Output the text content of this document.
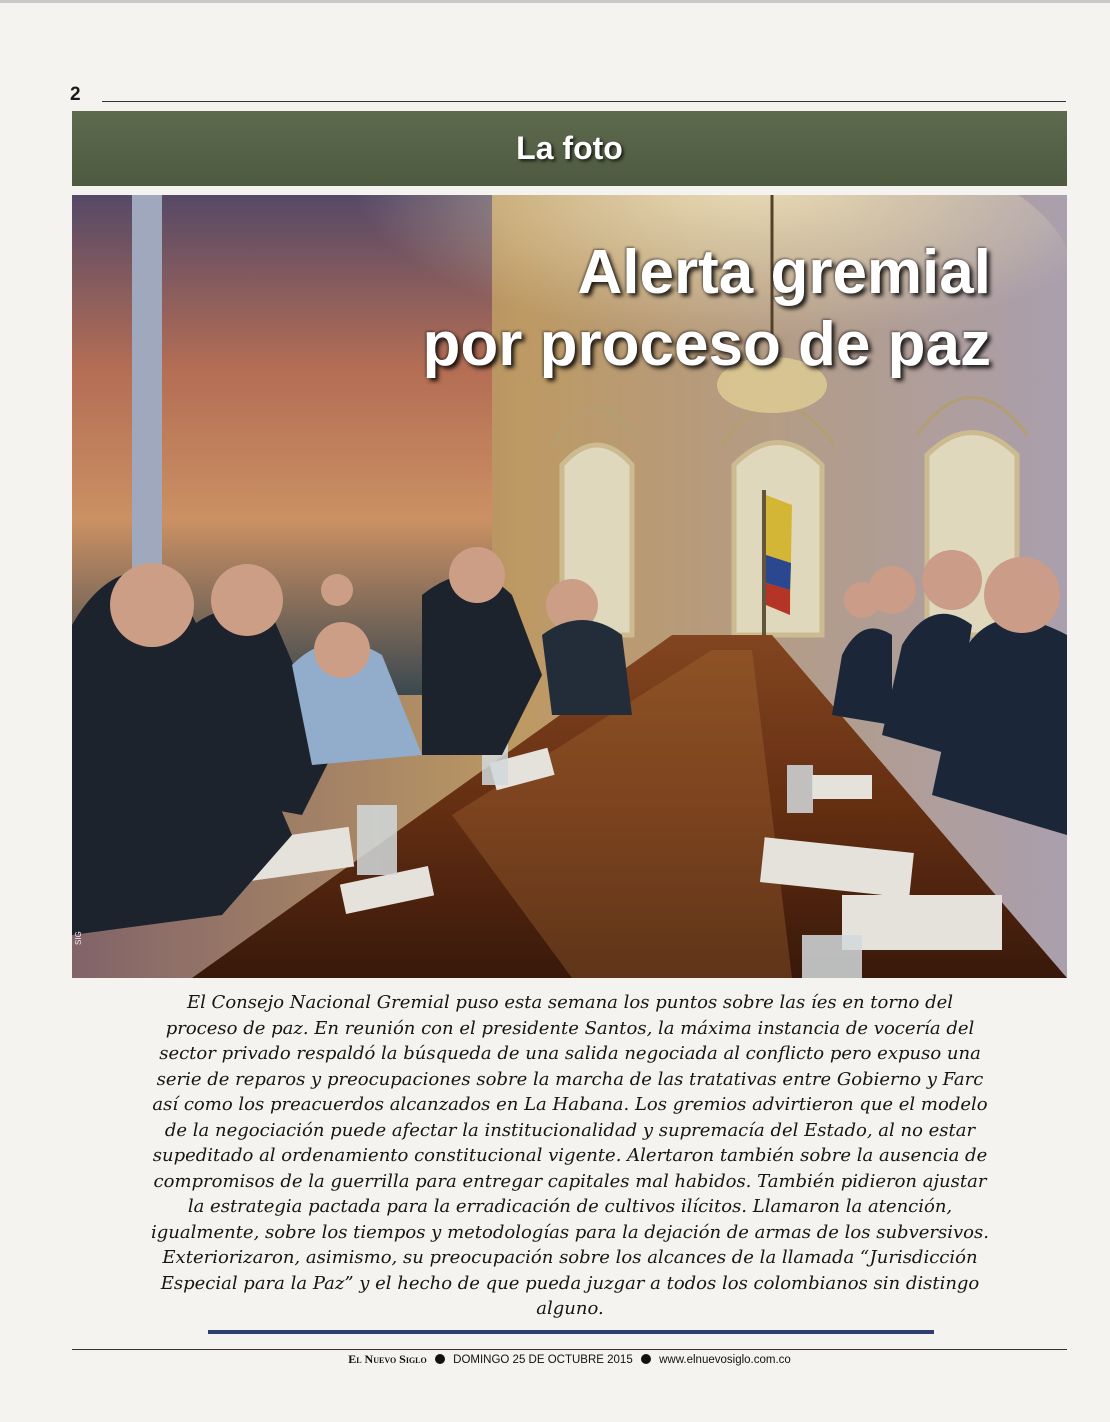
2
La foto
Alerta gremial
por proceso de paz
SIG

El Consejo Nacional Gremial puso esta semana los puntos sobre las íes en torno del proceso de paz. En reunión con el presidente Santos, la máxima instancia de vocería del sector privado respaldó la búsqueda de una salida negociada al conflicto pero expuso una serie de reparos y preocupaciones sobre la marcha de las tratativas entre Gobierno y Farc así como los preacuerdos alcanzados en La Habana. Los gremios advirtieron que el modelo de la negociación puede afectar la institucionalidad y supremacía del Estado, al no estar supeditado al ordenamiento constitucional vigente. Alertaron también sobre la ausencia de compromisos de la guerrilla para entregar capitales mal habidos. También pidieron ajustar la estrategia pactada para la erradicación de cultivos ilícitos. Llamaron la atención, igualmente, sobre los tiempos y metodologías para la dejación de armas de los subversivos. Exteriorizaron, asimismo, su preocupación sobre los alcances de la llamada “Jurisdicción Especial para la Paz” y el hecho de que pueda juzgar a todos los colombianos sin distingo alguno.

El Nuevo Siglo DOMINGO 25 DE OCTUBRE 2015 www.elnuevosiglo.com.co
